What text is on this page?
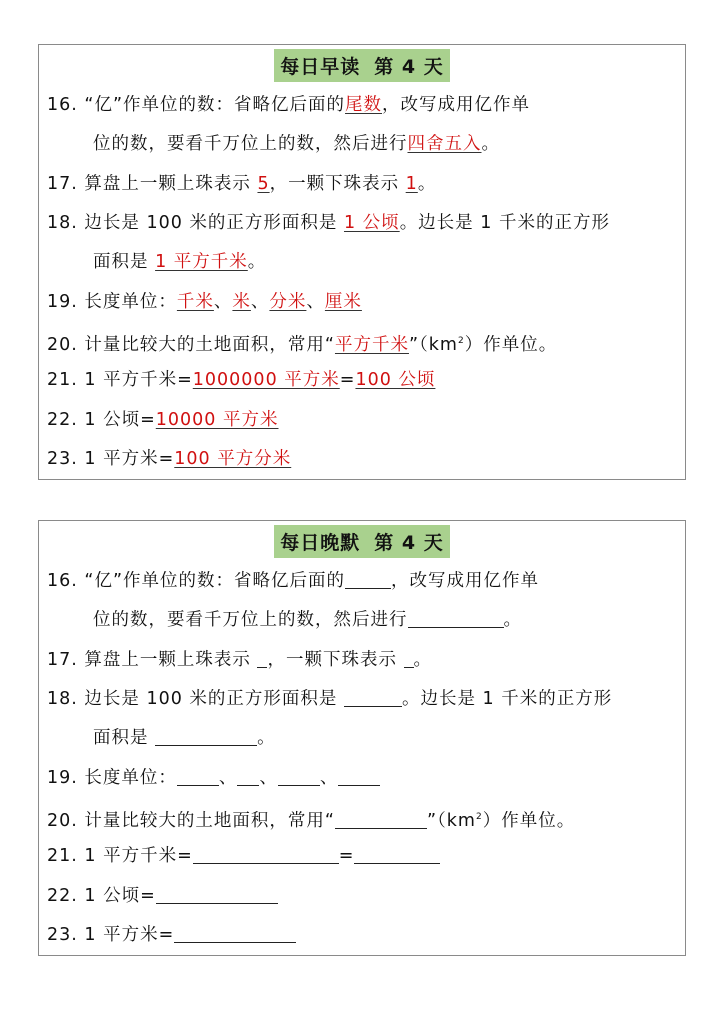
每日早读 第 4 天
16. “亿”作单位的数：省略亿后面的尾数，改写成用亿作单
位的数，要看千万位上的数，然后进行四舍五入。
17. 算盘上一颗上珠表示 5，一颗下珠表示 1。
18. 边长是 100 米的正方形面积是 1 公顷。边长是 1 千米的正方形
面积是 1 平方千米。
19. 长度单位：千米、米、分米、厘米
20. 计量比较大的土地面积，常用“平方千米$”(km^2)$作单位。
21. 1 平方千米=1000000 平方米=100 公顷
22. 1 公顷=10000 平方米
23. 1 平方米=100 平方分米
每日晚默 第 4 天
16. “亿”作单位的数：省略亿后面的	，改写成用亿作单
位的数，要看千万位上的数，然后进行	。
17. 算盘上一颗上珠表示 ，一颗下珠表示 。
18. 边长是 100 米的正方形面积是	。边长是 1 千米的正方形
面积是	。
19. 长度单位： 、 、 、
20. 计量比较大的土地面积，常用“	$”(km^2)$作单位。
21. 1 平方千米=	=
22. 1 公顷=
23. 1 平方米=
